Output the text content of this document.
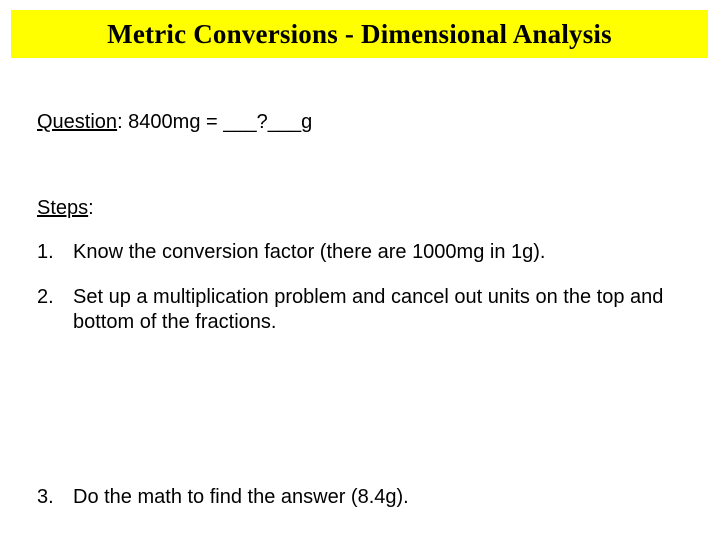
Metric Conversions - Dimensional Analysis
Question: 8400mg = ___?___g
Steps:
1. Know the conversion factor (there are 1000mg in 1g).
2. Set up a multiplication problem and cancel out units on the top and bottom of the fractions.
3. Do the math to find the answer (8.4g).
